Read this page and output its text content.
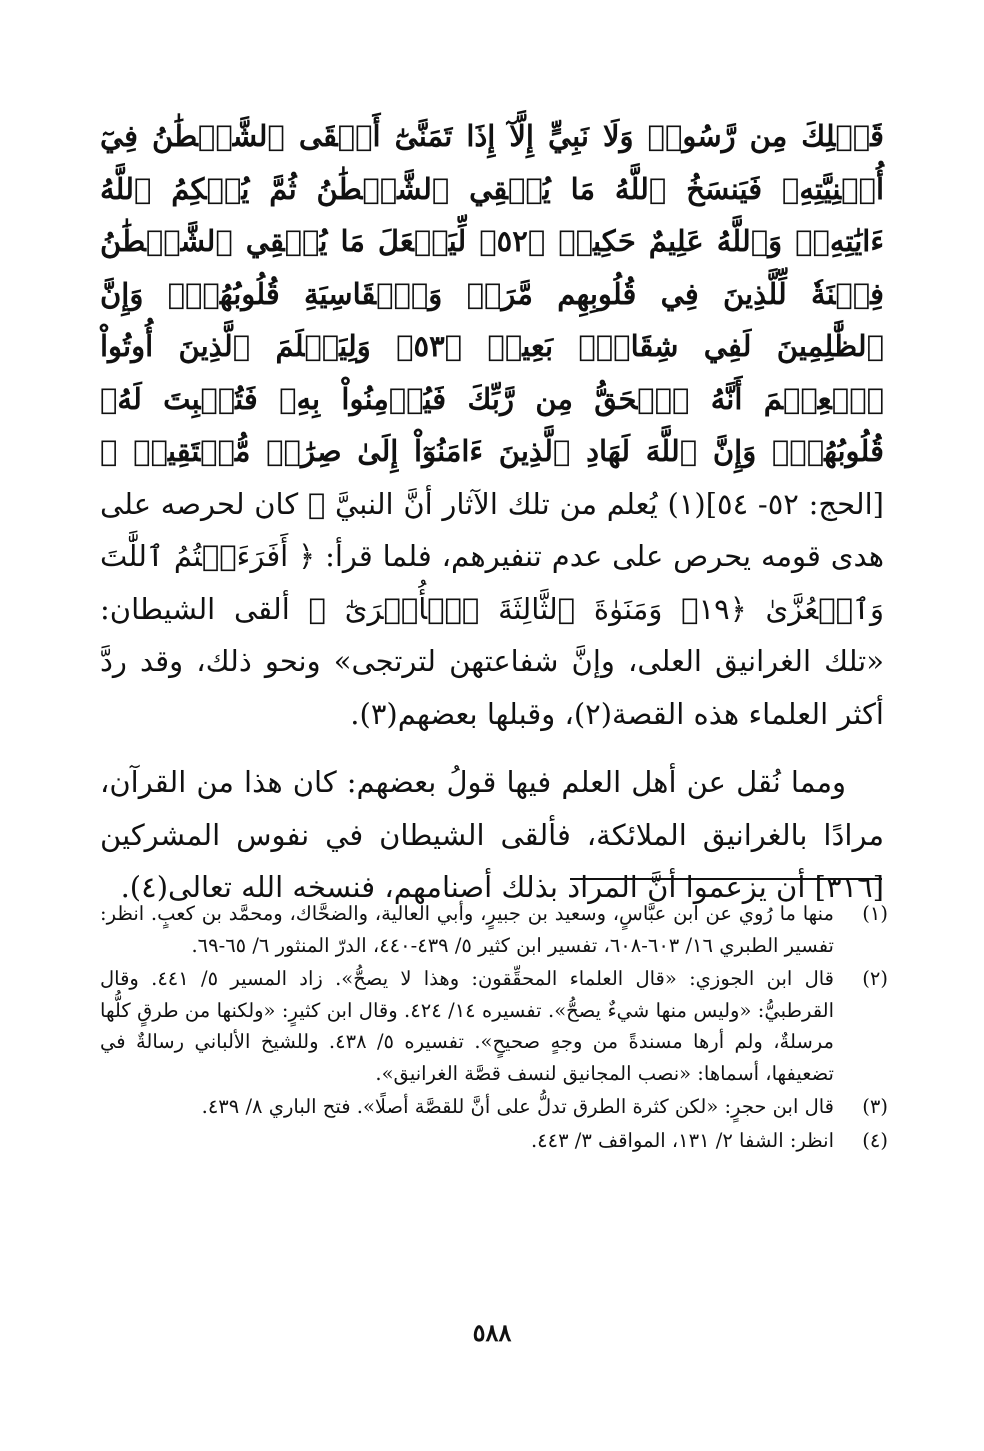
قَبۡلِكَ مِن رَّسُولٖ وَلَا نَبِيٍّ إِلَّآ إِذَا تَمَنَّىٰٓ أَلۡقَى ٱلشَّيۡطَٰنُ فِيٓ أُمۡنِيَّتِهِۦ فَيَنسَخُ ٱللَّهُ مَا يُلۡقِي ٱلشَّيۡطَٰنُ ثُمَّ يُحۡكِمُ ٱللَّهُ ءَايَٰتِهِۦۗ وَٱللَّهُ عَلِيمٌ حَكِيمٞ ﴿٥٢﴾ لِّيَجۡعَلَ مَا يُلۡقِي ٱلشَّيۡطَٰنُ فِتۡنَةٗ لِّلَّذِينَ فِي قُلُوبِهِم مَّرَضٞ وَٱلۡقَاسِيَةِ قُلُوبُهُمۡۗ وَإِنَّ ٱلظَّٰلِمِينَ لَفِي شِقَاقِۭ بَعِيدٖ ﴿٥٣﴾ وَلِيَعۡلَمَ ٱلَّذِينَ أُوتُواْ ٱلۡعِلۡمَ أَنَّهُ ٱلۡحَقُّ مِن رَّبِّكَ فَيُؤۡمِنُواْ بِهِۦ فَتُخۡبِتَ لَهُۥ قُلُوبُهُمۡۗ وَإِنَّ ٱللَّهَ لَهَادِ ٱلَّذِينَ ءَامَنُوٓاْ إِلَىٰ صِرَٰطٖ مُّسۡتَقِيمٖ ﴾ [الحج: ٥٢- ٥٤](١) يُعلم من تلك الآثار أنَّ النبيَّ ﷺ كان لحرصه على هدى قومه يحرص على عدم تنفيرهم، فلما قرأ: ﴿ أَفَرَءَيۡتُمُ ٱللَّٰتَ وَٱلۡعُزَّىٰ ﴿١٩﴾ وَمَنَوٰةَ ٱلثَّالِثَةَ ٱلۡأُخۡرَىٰٓ ﴾ ألقى الشيطان: «تلك الغرانيق العلى، وإنَّ شفاعتهن لترتجى» ونحو ذلك، وقد ردَّ أكثر العلماء هذه القصة(٢)، وقبلها بعضهم(٣).

ومما نُقل عن أهل العلم فيها قولُ بعضهم: كان هذا من القرآن، مرادًا بالغرانيق الملائكة، فألقى الشيطان في نفوس المشركين [٣١٦] أن يزعموا أنَّ المراد بذلك أصنامهم، فنسخه الله تعالى(٤).

(١)
منها ما رُوي عن ابن عبَّاسٍ، وسعيد بن جبيرٍ، وأبي العالية، والضحَّاك، ومحمَّد بن كعبٍ. انظر: تفسير الطبري ١٦/ ٦٠٣-٦٠٨، تفسير ابن كثير ٥/ ٤٣٩-٤٤٠، الدرّ المنثور ٦/ ٦٥-٦٩.
(٢)
قال ابن الجوزي: «قال العلماء المحقِّقون: وهذا لا يصحُّ». زاد المسير ٥/ ٤٤١. وقال القرطبيُّ: «وليس منها شيءٌ يصحُّ». تفسيره ١٤/ ٤٢٤. وقال ابن كثيرٍ: «ولكنها من طرقٍ كلُّها مرسلةٌ، ولم أرها مسندةً من وجهٍ صحيحٍ». تفسيره ٥/ ٤٣٨. وللشيخ الألباني رسالةٌ في تضعيفها، أسماها: «نصب المجانيق لنسف قصَّة الغرانيق».
(٣)
قال ابن حجرٍ: «لكن كثرة الطرق تدلُّ على أنَّ للقصَّة أصلًا». فتح الباري ٨/ ٤٣٩.
(٤)
انظر: الشفا ٢/ ١٣١، المواقف ٣/ ٤٤٣.
٥٨٨
